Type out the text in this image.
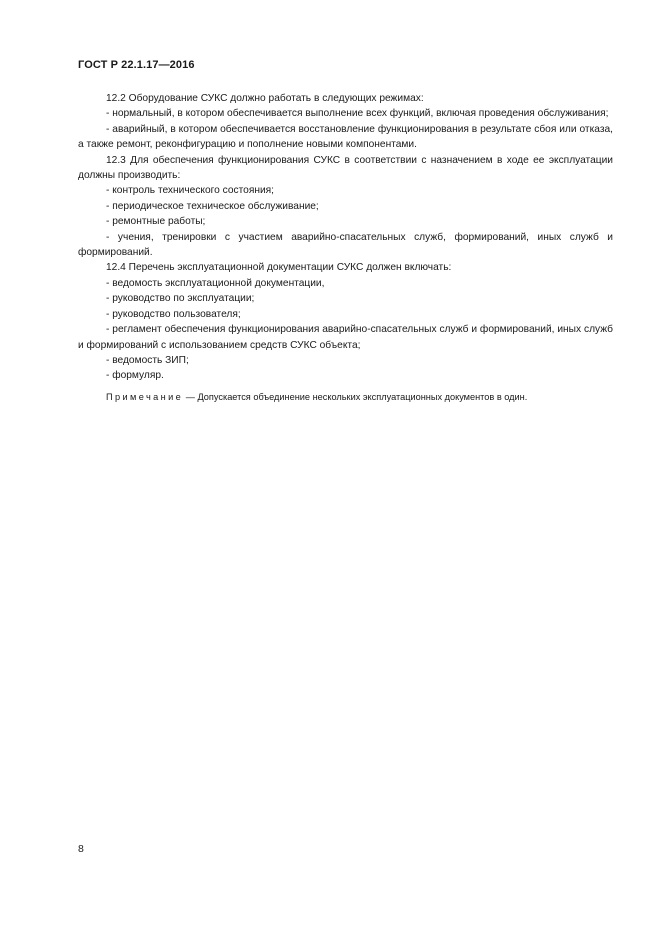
ГОСТ Р 22.1.17—2016
12.2 Оборудование СУКС должно работать в следующих режимах:
- нормальный, в котором обеспечивается выполнение всех функций, включая проведения обслуживания;
- аварийный, в котором обеспечивается восстановление функционирования в результате сбоя или отказа, а также ремонт, реконфигурацию и пополнение новыми компонентами.
12.3 Для обеспечения функционирования СУКС в соответствии с назначением в ходе ее эксплуатации должны производить:
- контроль технического состояния;
- периодическое техническое обслуживание;
- ремонтные работы;
- учения, тренировки с участием аварийно-спасательных служб, формирований, иных служб и формирований.
12.4 Перечень эксплуатационной документации СУКС должен включать:
- ведомость эксплуатационной документации,
- руководство по эксплуатации;
- руководство пользователя;
- регламент обеспечения функционирования аварийно-спасательных служб и формирований, иных служб и формирований с использованием средств СУКС объекта;
- ведомость ЗИП;
- формуляр.
Примечание — Допускается объединение нескольких эксплуатационных документов в один.
8
